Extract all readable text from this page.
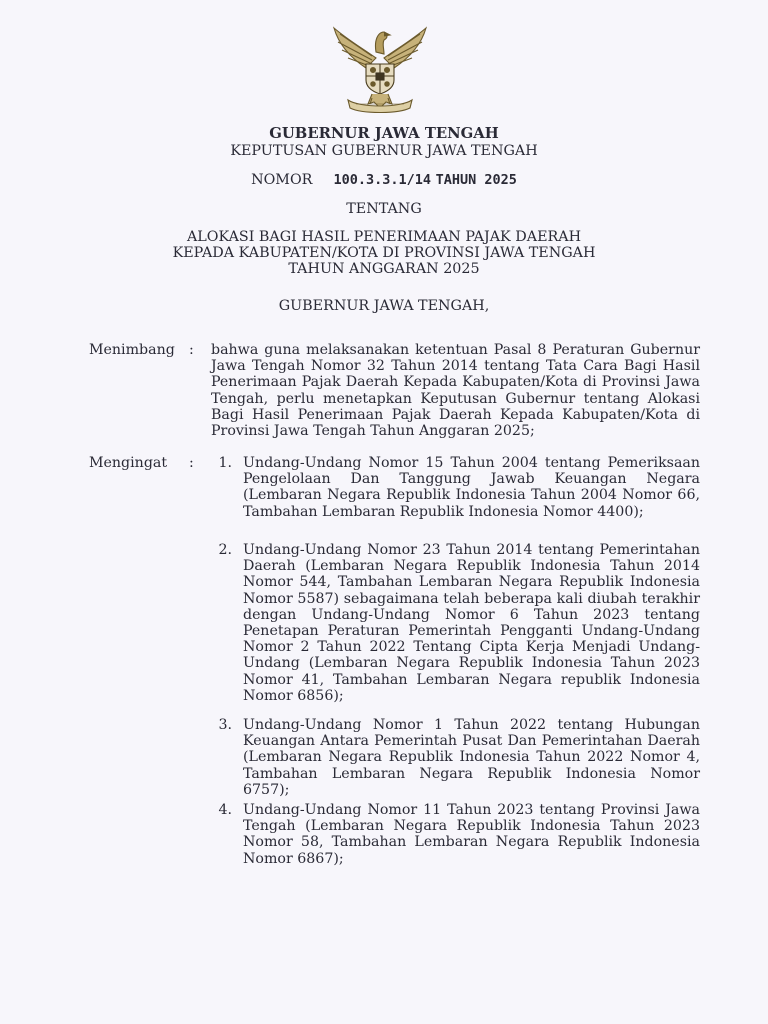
GUBERNUR JAWA TENGAH
KEPUTUSAN GUBERNUR JAWA TENGAH
NOMOR 100.3.3.1/14 TAHUN 2025
TENTANG
ALOKASI BAGI HASIL PENERIMAAN PAJAK DAERAH
KEPADA KABUPATEN/KOTA DI PROVINSI JAWA TENGAH
TAHUN ANGGARAN 2025
GUBERNUR JAWA TENGAH,
Menimbang : bahwa guna melaksanakan ketentuan Pasal 8 Peraturan Gubernur Jawa Tengah Nomor 32 Tahun 2014 tentang Tata Cara Bagi Hasil Penerimaan Pajak Daerah Kepada Kabupaten/Kota di Provinsi Jawa Tengah, perlu menetapkan Keputusan Gubernur tentang Alokasi Bagi Hasil Penerimaan Pajak Daerah Kepada Kabupaten/Kota di Provinsi Jawa Tengah Tahun Anggaran 2025;

Mengingat :	1. Undang-Undang Nomor 15 Tahun 2004 tentang Pemeriksaan Pengelolaan Dan Tanggung Jawab Keuangan Negara (Lembaran Negara Republik Indonesia Tahun 2004 Nomor 66, Tambahan Lembaran Republik Indonesia Nomor 4400);

2. Undang-Undang Nomor 23 Tahun 2014 tentang Pemerintahan Daerah (Lembaran Negara Republik Indonesia Tahun 2014 Nomor 544, Tambahan Lembaran Negara Republik Indonesia Nomor 5587) sebagaimana telah beberapa kali diubah terakhir dengan Undang-Undang Nomor 6 Tahun 2023 tentang Penetapan Peraturan Pemerintah Pengganti Undang-Undang Nomor 2 Tahun 2022 Tentang Cipta Kerja Menjadi Undang-Undang (Lembaran Negara Republik Indonesia Tahun 2023 Nomor 41, Tambahan Lembaran Negara republik Indonesia Nomor 6856);

3. Undang-Undang Nomor 1 Tahun 2022 tentang Hubungan Keuangan Antara Pemerintah Pusat Dan Pemerintahan Daerah (Lembaran Negara Republik Indonesia Tahun 2022 Nomor 4, Tambahan Lembaran Negara Republik Indonesia Nomor 6757);

4. Undang-Undang Nomor 11 Tahun 2023 tentang Provinsi Jawa Tengah (Lembaran Negara Republik Indonesia Tahun 2023 Nomor 58, Tambahan Lembaran Negara Republik Indonesia Nomor 6867);
